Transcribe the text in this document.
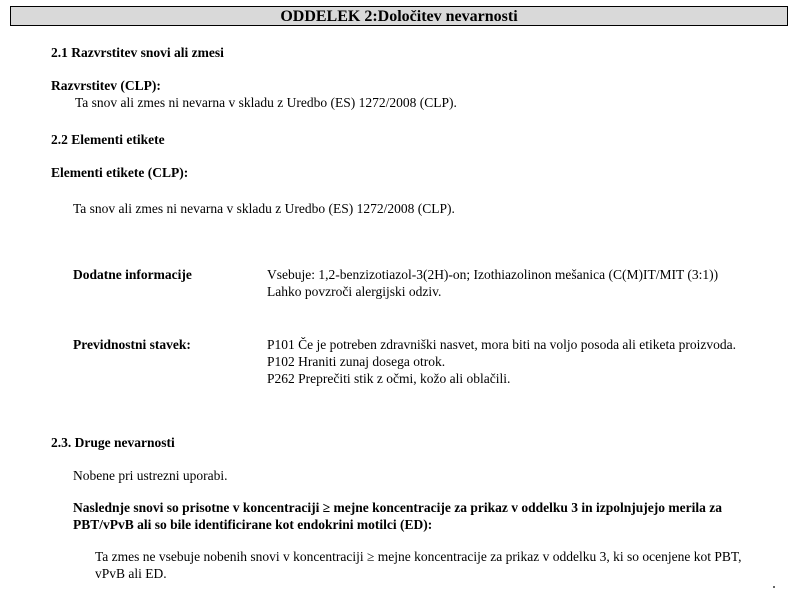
ODDELEK 2:Določitev nevarnosti
2.1 Razvrstitev snovi ali zmesi
Razvrstitev (CLP):
Ta snov ali zmes ni nevarna v skladu z Uredbo (ES) 1272/2008 (CLP).
2.2 Elementi etikete
Elementi etikete (CLP):
Ta snov ali zmes ni nevarna v skladu z Uredbo (ES) 1272/2008 (CLP).
Dodatne informacije	Vsebuje: 1,2-benzizotiazol-3(2H)-on; Izothiazolinon mešanica (C(M)IT/MIT (3:1))
Lahko povzroči alergijski odziv.
Previdnostni stavek:	P101 Če je potreben zdravniški nasvet, mora biti na voljo posoda ali etiketa proizvoda.
P102 Hraniti zunaj dosega otrok.
P262 Preprečiti stik z očmi, kožo ali oblačili.
2.3. Druge nevarnosti
Nobene pri ustrezni uporabi.
Naslednje snovi so prisotne v koncentraciji ≥ mejne koncentracije za prikaz v oddelku 3 in izpolnjujejo merila za
PBT/vPvB ali so bile identificirane kot endokrini motilci (ED):
Ta zmes ne vsebuje nobenih snovi v koncentraciji ≥ mejne koncentracije za prikaz v oddelku 3, ki so ocenjene kot PBT,
vPvB ali ED.
